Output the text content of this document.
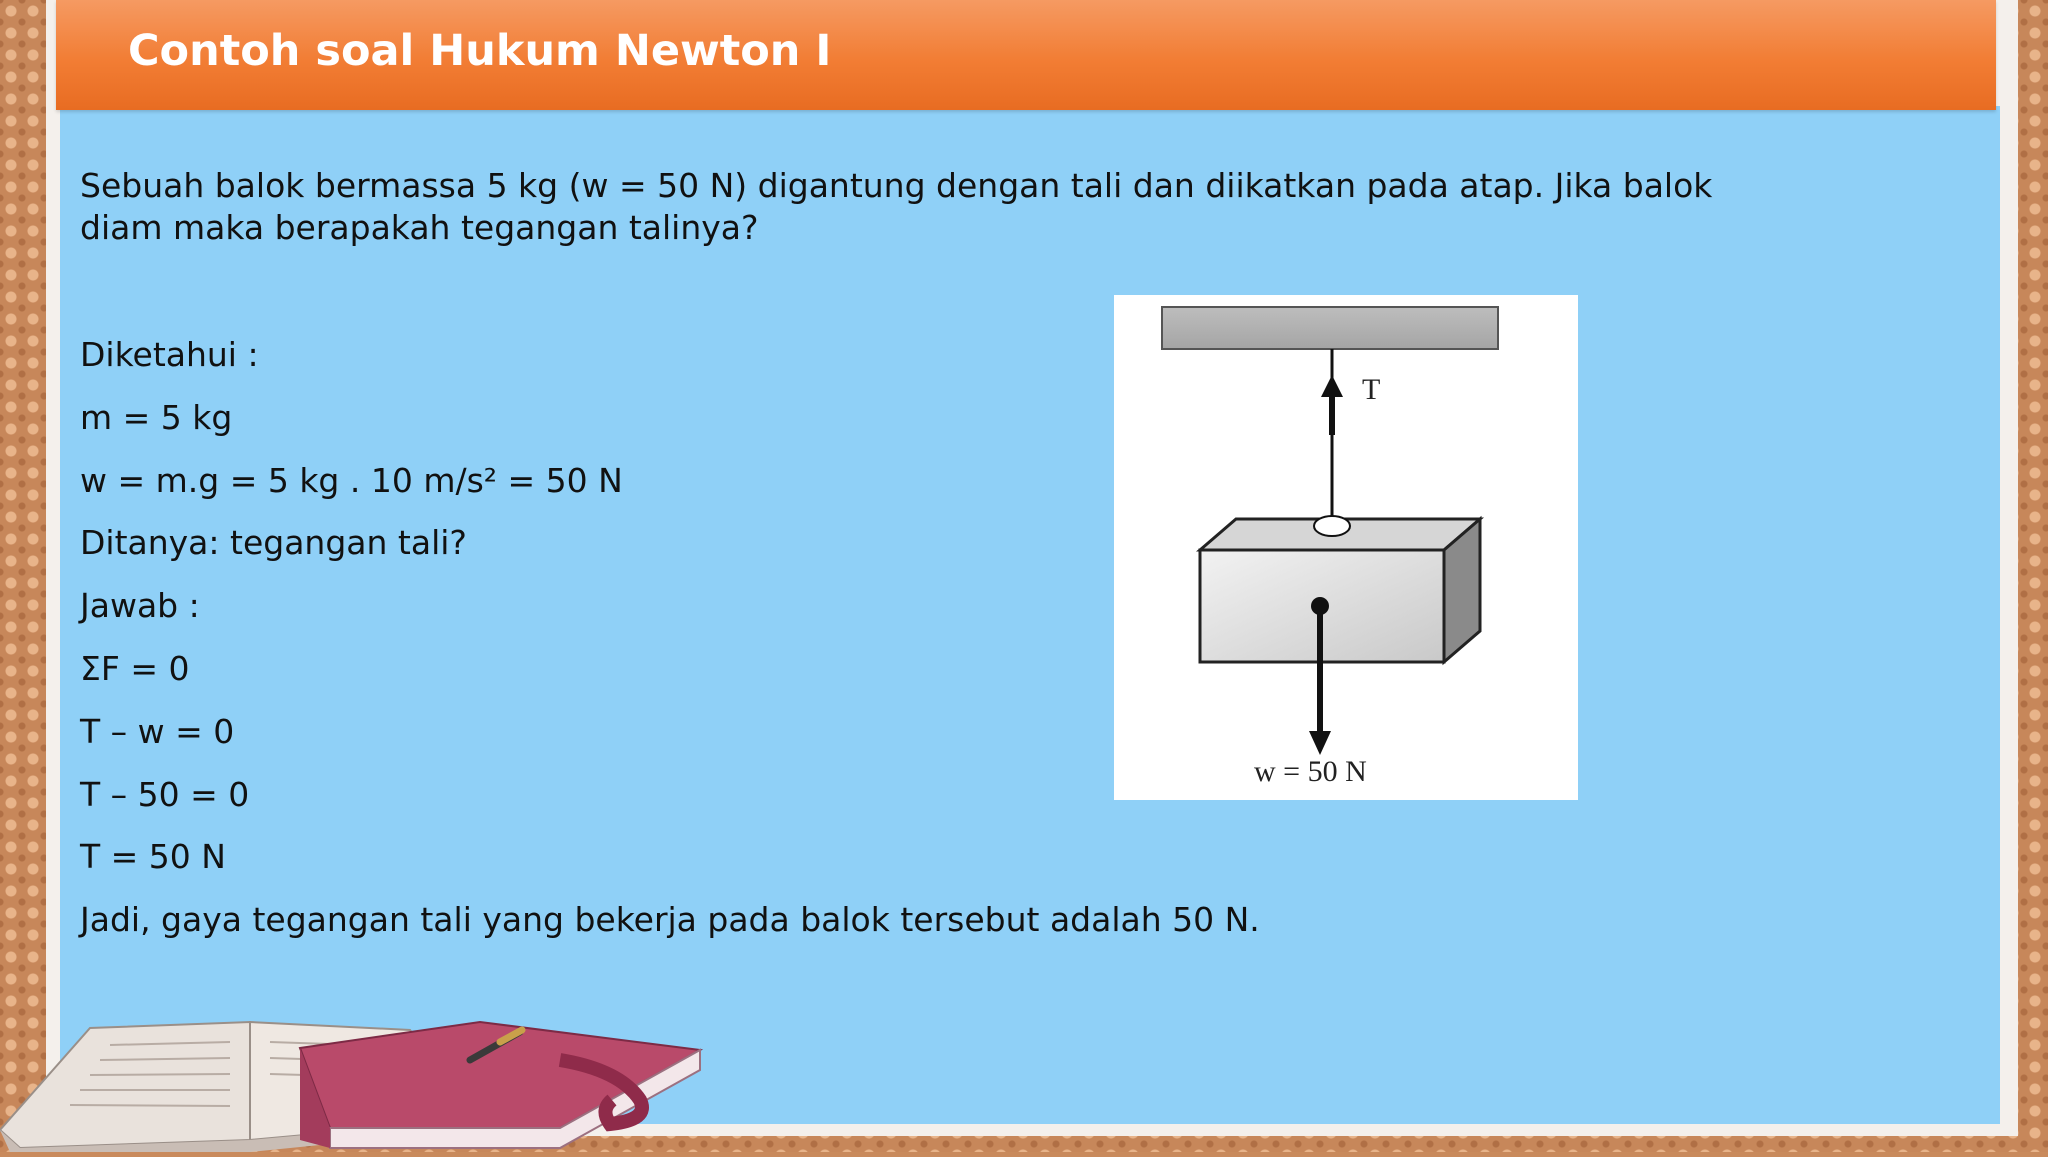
Contoh soal Hukum Newton I
Sebuah balok bermassa 5 kg (w = 50 N) digantung dengan tali dan diikatkan pada atap. Jika balok diam maka berapakah tegangan talinya?
Diketahui :
m = 5 kg
w = m.g = 5 kg . 10 m/s² = 50 N
Ditanya: tegangan tali?
Jawab :
ΣF = 0
T – w = 0
T – 50 = 0
T = 50 N
Jadi, gaya tegangan tali yang bekerja pada balok tersebut adalah 50 N.
T
w = 50 N
